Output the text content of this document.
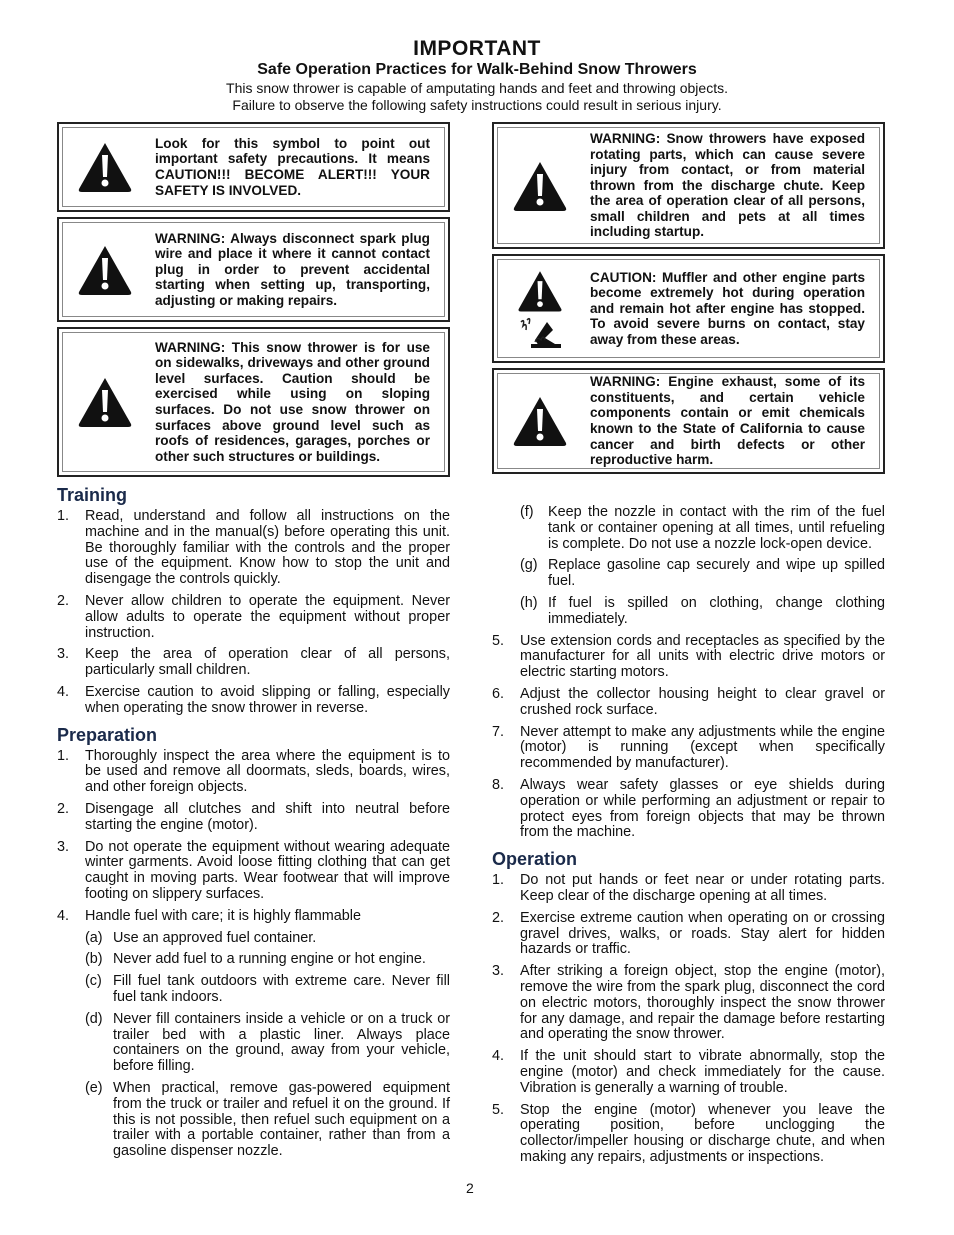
IMPORTANT
Safe Operation Practices for Walk-Behind Snow Throwers
This snow thrower is capable of amputating hands and feet and throwing objects.
Failure to observe the following safety instructions could result in serious injury.
Look for this symbol to point out important safety precautions. It means CAUTION!!! BECOME ALERT!!! YOUR SAFETY IS INVOLVED.
WARNING: Always disconnect spark plug wire and place it where it cannot contact plug in order to prevent accidental starting when setting up, transporting, adjusting or making repairs.
WARNING: This snow thrower is for use on sidewalks, driveways and other ground level surfaces. Caution should be exercised while using on sloping surfaces. Do not use snow thrower on surfaces above ground level such as roofs of residences, garages, porches or other such structures or buildings.
Training
1.	Read, understand and follow all instructions on the machine and in the manual(s) before operating this unit. Be thoroughly familiar with the controls and the proper use of the equipment. Know how to stop the unit and disengage the controls quickly.
2.	Never allow children to operate the equipment. Never allow adults to operate the equipment without proper instruction.
3.	Keep the area of operation clear of all persons, particularly small children.
4.	Exercise caution to avoid slipping or falling, especially when operating the snow thrower in reverse.
Preparation
1.	Thoroughly inspect the area where the equipment is to be used and remove all doormats, sleds, boards, wires, and other foreign objects.
2.	Disengage all clutches and shift into neutral before starting the engine (motor).
3.	Do not operate the equipment without wearing adequate winter garments. Avoid loose fitting clothing that can get caught in moving parts. Wear footwear that will improve footing on slippery surfaces.
4.	Handle fuel with care; it is highly flammable
(a) Use an approved fuel container.
(b) Never add fuel to a running engine or hot engine.
(c) Fill fuel tank outdoors with extreme care. Never fill fuel tank indoors.
(d) Never fill containers inside a vehicle or on a truck or trailer bed with a plastic liner. Always place containers on the ground, away from your vehicle, before filling.
(e) When practical, remove gas-powered equipment from the truck or trailer and refuel it on the ground. If this is not possible, then refuel such equipment on a trailer with a portable container, rather than from a gasoline dispenser nozzle.
WARNING: Snow throwers have exposed rotating parts, which can cause severe injury from contact, or from material thrown from the discharge chute. Keep the area of operation clear of all persons, small children and pets at all times including startup.
CAUTION: Muffler and other engine parts become extremely hot during operation and remain hot after engine has stopped. To avoid severe burns on contact, stay away from these areas.
WARNING: Engine exhaust, some of its constituents, and certain vehicle components contain or emit chemicals known to the State of California to cause cancer and birth defects or other reproductive harm.
(f)	Keep the nozzle in contact with the rim of the fuel tank or container opening at all times, until refueling is complete. Do not use a nozzle lock-open device.
(g) Replace gasoline cap securely and wipe up spilled fuel.
(h) If fuel is spilled on clothing, change clothing immediately.
5.	Use extension cords and receptacles as specified by the manufacturer for all units with electric drive motors or electric starting motors.
6.	Adjust the collector housing height to clear gravel or crushed rock surface.
7.	Never attempt to make any adjustments while the engine (motor) is running (except when specifically recommended by manufacturer).
8.	Always wear safety glasses or eye shields during operation or while performing an adjustment or repair to protect eyes from foreign objects that may be thrown from the machine.
Operation
1.	Do not put hands or feet near or under rotating parts. Keep clear of the discharge opening at all times.
2.	Exercise extreme caution when operating on or crossing gravel drives, walks, or roads. Stay alert for hidden hazards or traffic.
3.	After striking a foreign object, stop the engine (motor), remove the wire from the spark plug, disconnect the cord on electric motors, thoroughly inspect the snow thrower for any damage, and repair the damage before restarting and operating the snow thrower.
4.	If the unit should start to vibrate abnormally, stop the engine (motor) and check immediately for the cause. Vibration is generally a warning of trouble.
5.	Stop the engine (motor) whenever you leave the operating position, before unclogging the collector/impeller housing or discharge chute, and when making any repairs, adjustments or inspections.
2
